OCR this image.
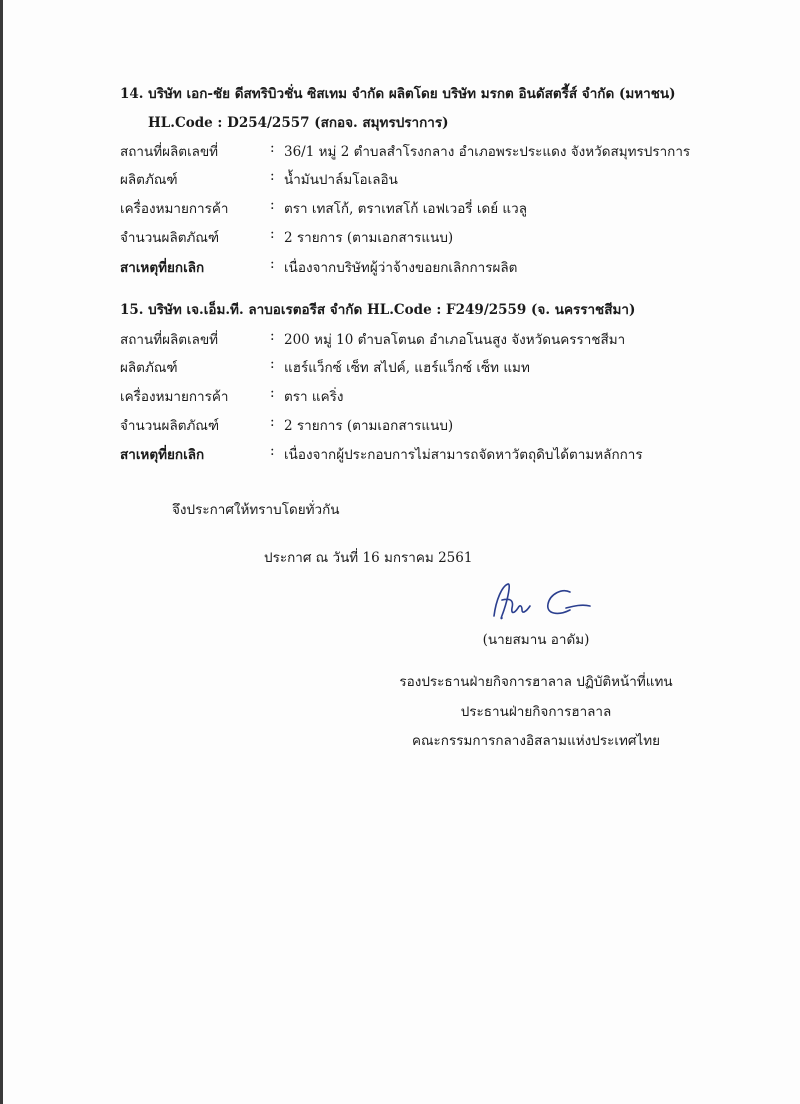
14. บริษัท เอก-ชัย ดีสทริบิวชั่น ซิสเทม จำกัด ผลิตโดย บริษัท มรกต อินดัสตรี้ส์ จำกัด (มหาชน)
HL.Code : D254/2557 (สกอจ. สมุทรปราการ)
สถานที่ผลิตเลขที่	: 36/1 หมู่ 2 ตำบลสำโรงกลาง อำเภอพระประแดง จังหวัดสมุทรปราการ
ผลิตภัณฑ์	: น้ำมันปาล์มโอเลอิน
เครื่องหมายการค้า	: ตรา เทสโก้, ตราเทสโก้ เอฟเวอรี่ เดย์ แวลู
จำนวนผลิตภัณฑ์	: 2 รายการ (ตามเอกสารแนบ)
สาเหตุที่ยกเลิก	: เนื่องจากบริษัทผู้ว่าจ้างขอยกเลิกการผลิต
15. บริษัท เจ.เอ็ม.ที. ลาบอเรตอรีส จำกัด HL.Code : F249/2559 (จ. นครราชสีมา)
สถานที่ผลิตเลขที่	: 200 หมู่ 10 ตำบลโตนด อำเภอโนนสูง จังหวัดนครราชสีมา
ผลิตภัณฑ์	: แฮร์แว็กซ์ เซ็ท สไปค์, แฮร์แว็กซ์ เซ็ท แมท
เครื่องหมายการค้า	: ตรา แคริ่ง
จำนวนผลิตภัณฑ์	: 2 รายการ (ตามเอกสารแนบ)
สาเหตุที่ยกเลิก	: เนื่องจากผู้ประกอบการไม่สามารถจัดหาวัตถุดิบได้ตามหลักการ
จึงประกาศให้ทราบโดยทั่วกัน
ประกาศ ณ วันที่ 16 มกราคม 2561
(นายสมาน อาดัม)
รองประธานฝ่ายกิจการฮาลาล ปฏิบัติหน้าที่แทน
ประธานฝ่ายกิจการฮาลาล
คณะกรรมการกลางอิสลามแห่งประเทศไทย
